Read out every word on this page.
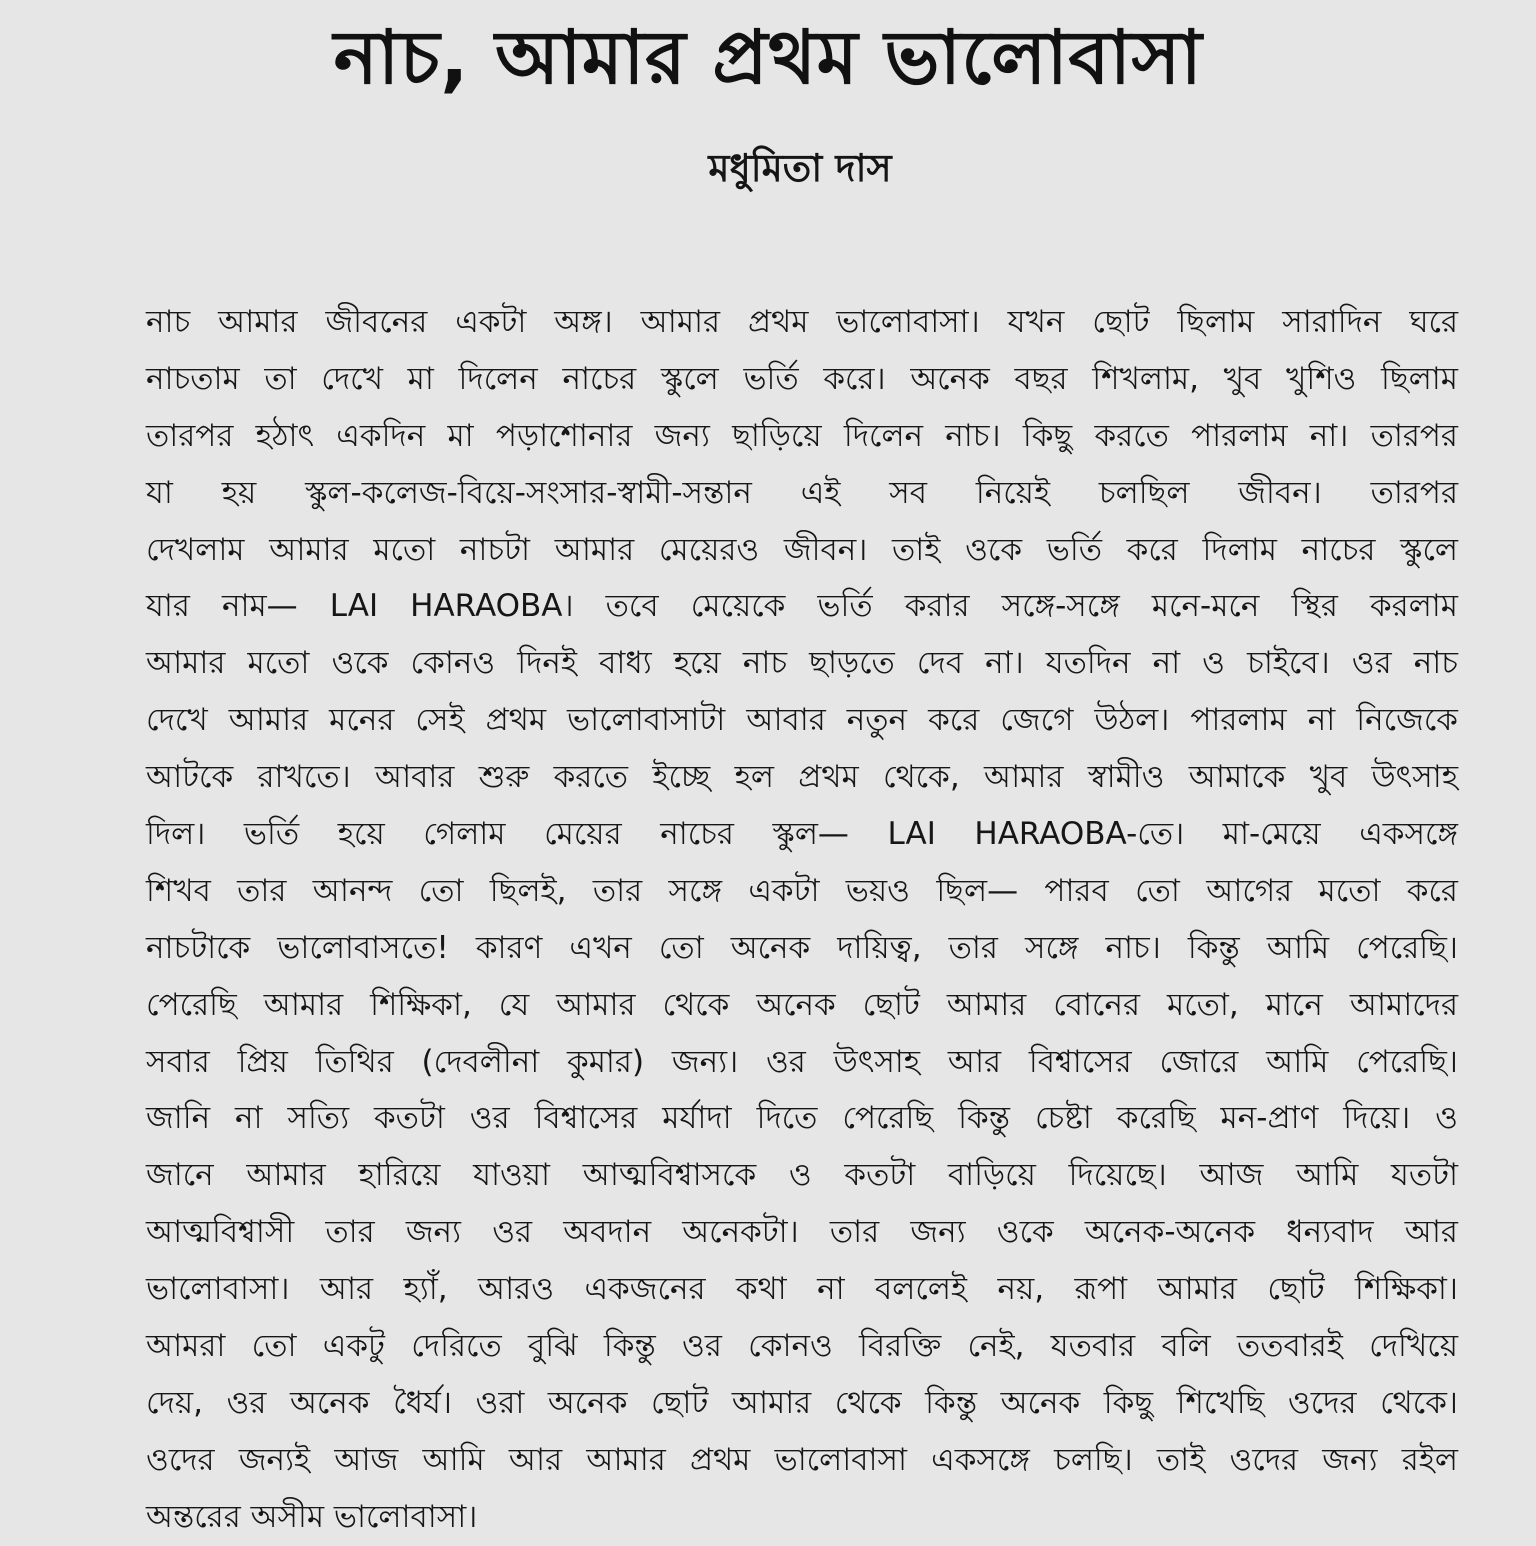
নাচ, আমার প্রথম ভালোবাসা
মধুমিতা দাস
নাচ আমার জীবনের একটা অঙ্গ। আমার প্রথম ভালোবাসা। যখন ছোট ছিলাম সারাদিন ঘরে
নাচতাম তা দেখে মা দিলেন নাচের স্কুলে ভর্তি করে। অনেক বছর শিখলাম, খুব খুশিও ছিলাম
তারপর হঠাৎ একদিন মা পড়াশোনার জন্য ছাড়িয়ে দিলেন নাচ। কিছু করতে পারলাম না। তারপর
যা হয় স্কুল-কলেজ-বিয়ে-সংসার-স্বামী-সন্তান এই সব নিয়েই চলছিল জীবন। তারপর
দেখলাম আমার মতো নাচটা আমার মেয়েরও জীবন। তাই ওকে ভর্তি করে দিলাম নাচের স্কুলে
যার নাম— LAI HARAOBA। তবে মেয়েকে ভর্তি করার সঙ্গে-সঙ্গে মনে-মনে স্থির করলাম
আমার মতো ওকে কোনও দিনই বাধ্য হয়ে নাচ ছাড়তে দেব না। যতদিন না ও চাইবে। ওর নাচ
দেখে আমার মনের সেই প্রথম ভালোবাসাটা আবার নতুন করে জেগে উঠল। পারলাম না নিজেকে
আটকে রাখতে। আবার শুরু করতে ইচ্ছে হল প্রথম থেকে, আমার স্বামীও আমাকে খুব উৎসাহ
দিল। ভর্তি হয়ে গেলাম মেয়ের নাচের স্কুল— LAI HARAOBA-তে। মা-মেয়ে একসঙ্গে
শিখব তার আনন্দ তো ছিলই, তার সঙ্গে একটা ভয়ও ছিল— পারব তো আগের মতো করে
নাচটাকে ভালোবাসতে! কারণ এখন তো অনেক দায়িত্ব, তার সঙ্গে নাচ। কিন্তু আমি পেরেছি।
পেরেছি আমার শিক্ষিকা, যে আমার থেকে অনেক ছোট আমার বোনের মতো, মানে আমাদের
সবার প্রিয় তিথির (দেবলীনা কুমার) জন্য। ওর উৎসাহ আর বিশ্বাসের জোরে আমি পেরেছি।
জানি না সত্যি কতটা ওর বিশ্বাসের মর্যাদা দিতে পেরেছি কিন্তু চেষ্টা করেছি মন-প্রাণ দিয়ে। ও
জানে আমার হারিয়ে যাওয়া আত্মবিশ্বাসকে ও কতটা বাড়িয়ে দিয়েছে। আজ আমি যতটা
আত্মবিশ্বাসী তার জন্য ওর অবদান অনেকটা। তার জন্য ওকে অনেক-অনেক ধন্যবাদ আর
ভালোবাসা। আর হ্যাঁ, আরও একজনের কথা না বললেই নয়, রূপা আমার ছোট শিক্ষিকা।
আমরা তো একটু দেরিতে বুঝি কিন্তু ওর কোনও বিরক্তি নেই, যতবার বলি ততবারই দেখিয়ে
দেয়, ওর অনেক ধৈর্য। ওরা অনেক ছোট আমার থেকে কিন্তু অনেক কিছু শিখেছি ওদের থেকে।
ওদের জন্যই আজ আমি আর আমার প্রথম ভালোবাসা একসঙ্গে চলছি। তাই ওদের জন্য রইল
অন্তরের অসীম ভালোবাসা।
